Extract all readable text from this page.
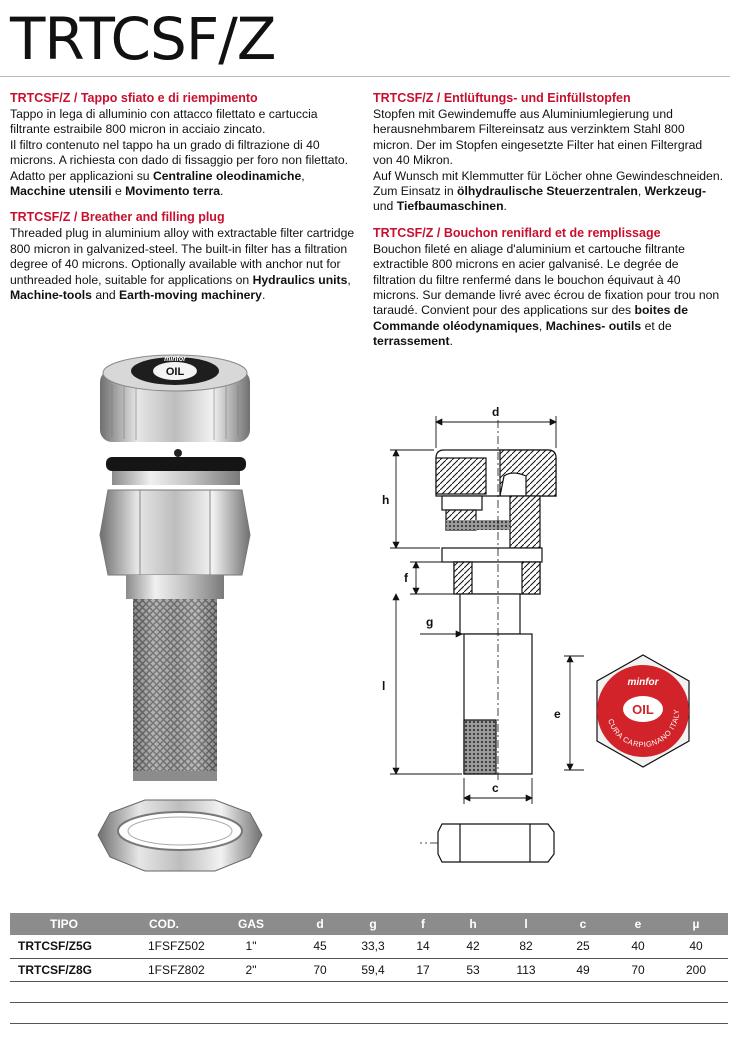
TRTCSF/Z
TRTCSF/Z / Tappo sfiato e di riempimento

Tappo in lega di alluminio con attacco filettato e cartuccia filtrante estraibile 800 micron in acciaio zincato.
Il filtro contenuto nel tappo ha un grado di filtrazione di 40 microns. A richiesta con dado di fissaggio per foro non filettato. Adatto per applicazioni su Centraline oleodinamiche, Macchine utensili e Movimento terra.

TRTCSF/Z / Breather and filling plug

Threaded plug in aluminium alloy with extractable filter cartridge 800 micron in galvanized-steel. The built-in filter has a filtration degree of 40 microns. Optionally available with anchor nut for unthreaded hole, suitable for applications on Hydraulics units, Machine-tools and Earth-moving machinery.

TRTCSF/Z / Entlüftungs- und Einfüllstopfen

Stopfen mit Gewindemuffe aus Aluminiumlegierung und herausnehmbarem Filtereinsatz aus verzinktem Stahl 800 micron. Der im Stopfen eingesetzte Filter hat einen Filtergrad von 40 Mikron.
Auf Wunsch mit Klemmutter für Löcher ohne Gewindeschneiden. Zum Einsatz in ölhydraulische Steuerzentralen, Werkzeug- und Tiefbaumaschinen.

TRTCSF/Z / Bouchon reniflard et de remplissage

Bouchon fileté en aliage d'aluminium et cartouche filtrante extractible 800 microns en acier galvanisé. Le degrée de filtration du filtre renfermé dans le bouchon équivaut à 40 microns. Sur demande livré avec écrou de fixation pour trou non taraudé. Convient pour des applications sur des boites de Commande oléodynamiques, Machines- outils et de terrassement.

OIL
minfor
d
h
f
g
l
c
e	OIL
minfor
CURA CARPIGNANO ITALY
TIPO	COD.	GAS	d	g	f	h	l	c	e	µ
TRTCSF/Z5G	1FSFZ502	1"	45	33,3	14	42	82	25	40	40
TRTCSF/Z8G	1FSFZ802	2"	70	59,4	17	53	113	49	70	200
